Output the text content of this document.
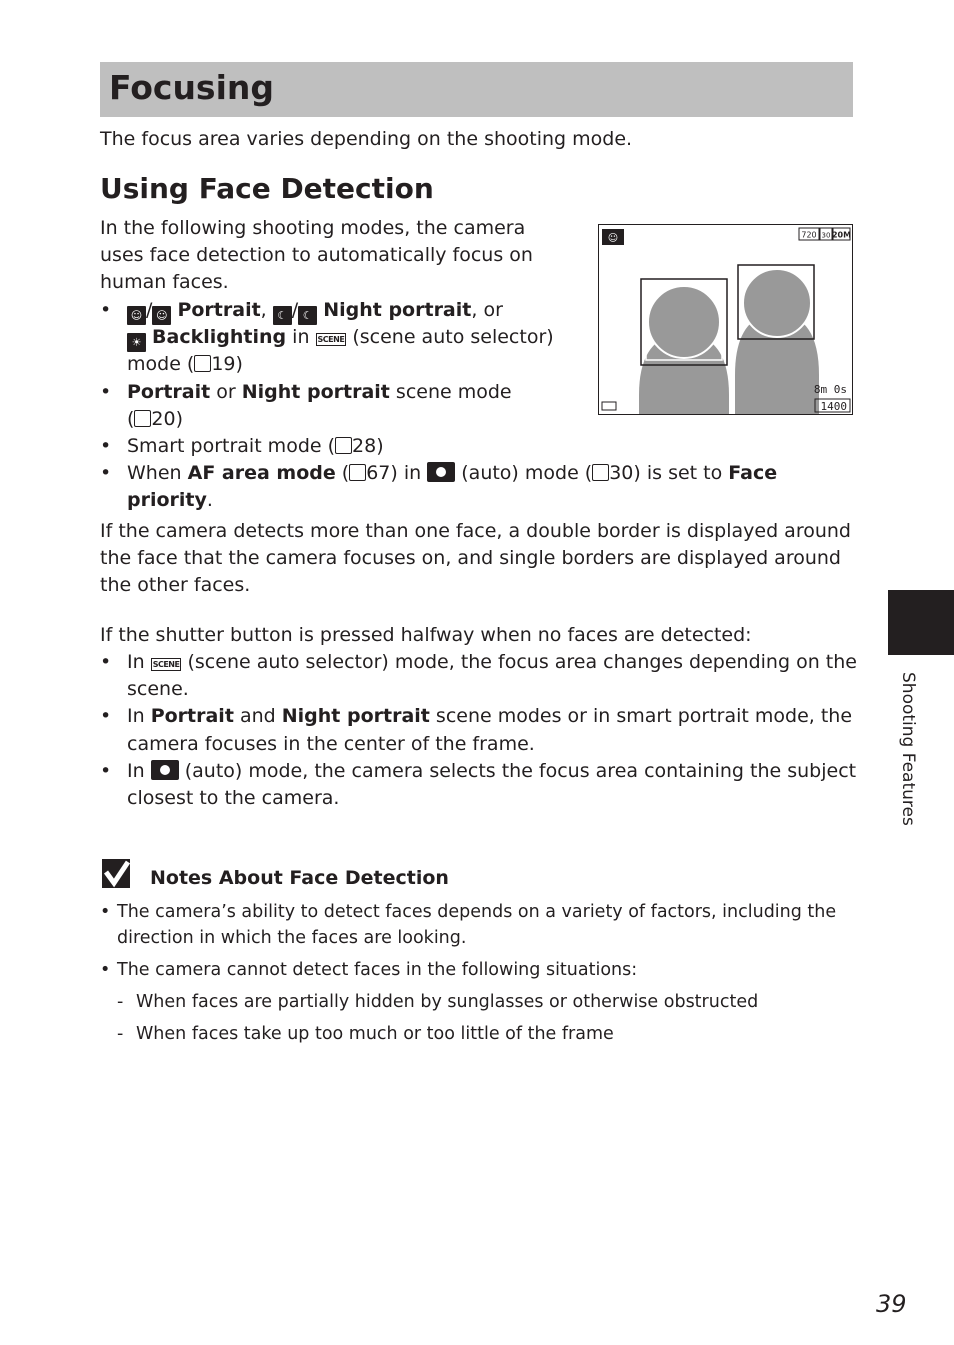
Focusing

The focus area varies depending on the shooting mode.

Using Face Detection

In the following shooting modes, the camera

uses face detection to automatically focus on

human faces.

•	☺ / ☺ Portrait, ☾ / ☾ Night portrait, or
☀ Backlighting in SCENE (scene auto selector)
mode ( 19)
• Portrait or Night portrait scene mode
( 20)
• Smart portrait mode ( 28)
• When AF area mode ( 67) in  (auto) mode ( 30) is set to Face
priority.

If the camera detects more than one face, a double border is displayed around

the face that the camera focuses on, and single borders are displayed around

the other faces.

If the shutter button is pressed halfway when no faces are detected:

• In SCENE (scene auto selector) mode, the focus area changes depending on the
scene.
• In Portrait and Night portrait scene modes or in smart portrait mode, the
camera focuses in the center of the frame.
• In  (auto) mode, the camera selects the focus area containing the subject
closest to the camera.
☺	720 30 20M
8m 0s
1400
Notes About Face Detection
• The camera’s ability to detect faces depends on a variety of factors, including the
direction in which the faces are looking.
• The camera cannot detect faces in the following situations:
- When faces are partially hidden by sunglasses or otherwise obstructed
- When faces take up too much or too little of the frame
Shooting Features
39
